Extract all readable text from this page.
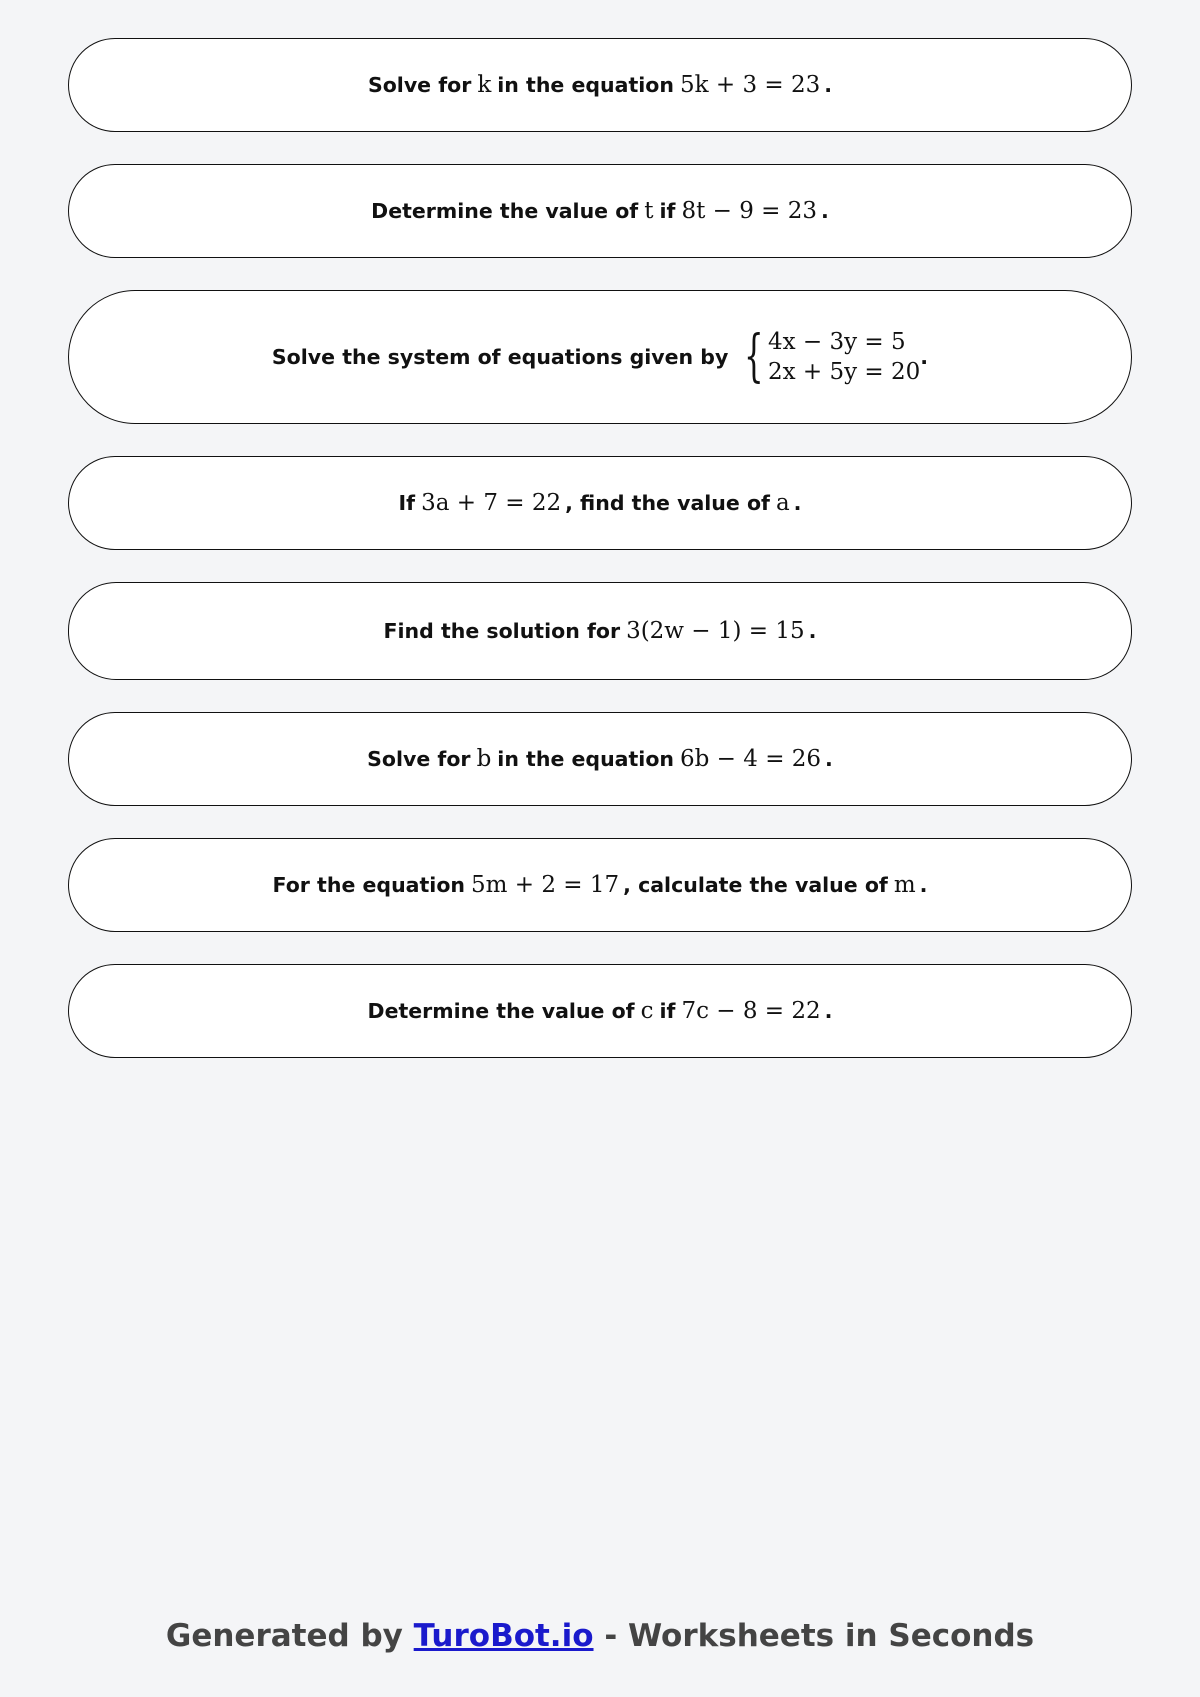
Solve for k in the equation 5k + 3 = 23 .
Determine the value of t if 8t − 9 = 23 .
Solve the system of equations given by { 4x − 3y = 5
2x + 5y = 20
.
If 3a + 7 = 22 , find the value of a .
Find the solution for 3(2w − 1) = 15 .
Solve for b in the equation 6b − 4 = 26 .
For the equation 5m + 2 = 17 , calculate the value of m .
Determine the value of c if 7c − 8 = 22 .
Generated by TuroBot.io - Worksheets in Seconds
